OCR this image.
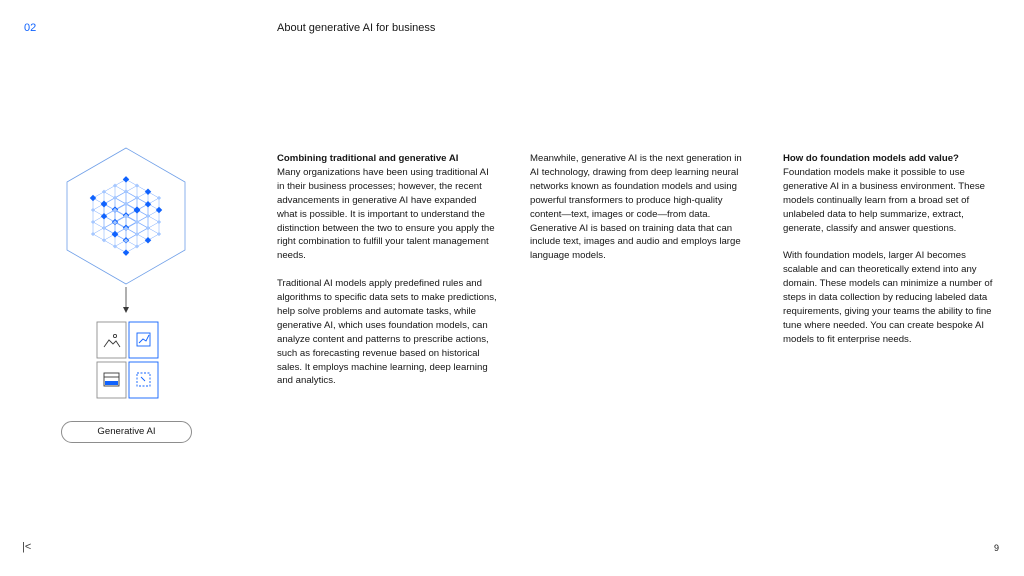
02	About generative AI for business
Generative AI
Combining traditional and generative AI

Many organizations have been using traditional AI in their business processes; however, the recent advancements in generative AI have expanded what is possible. It is important to understand the distinction between the two to ensure you apply the right combination to fulfill your talent management needs.

Traditional AI models apply predefined rules and algorithms to specific data sets to make predictions, help solve problems and automate tasks, while generative AI, which uses foundation models, can analyze content and patterns to prescribe actions, such as forecasting revenue based on historical sales. It employs machine learning, deep learning and analytics.

Meanwhile, generative AI is the next generation in AI technology, drawing from deep learning neural networks known as foundation models and using powerful transformers to produce high-quality content—text, images or code—from data. Generative AI is based on training data that can include text, images and audio and employs large language models.

How do foundation models add value?

Foundation models make it possible to use generative AI in a business environment. These models continually learn from a broad set of unlabeled data to help summarize, extract, generate, classify and answer questions.

With foundation models, larger AI becomes scalable and can theoretically extend into any domain. These models can minimize a number of steps in data collection by reducing labeled data requirements, giving your teams the ability to fine tune where needed. You can create bespoke AI models to fit enterprise needs.

|<	9
